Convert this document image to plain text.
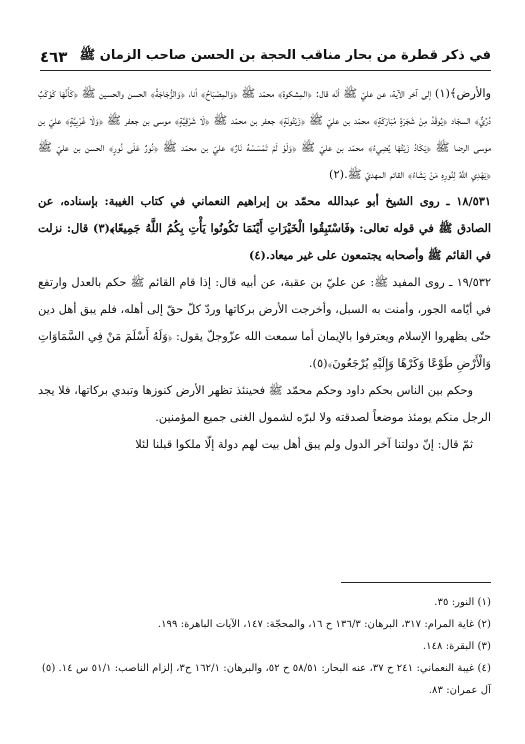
في ذكر قطرة من بحار مناقب الحجة بن الحسن صاحب الزمان ﷺ
٤٦٣

والأرض﴾(١) إلى آخر الآية، عن عليّ ﷺ أنّه قال: ﴿المِشكوة﴾ محمّد ﷺ ﴿وَالمِصْبَاحُ﴾ أنا، ﴿وَالزُّجَاجَةُ﴾ الحسن والحسين ﷺ ﴿كَأَنَّهَا كَوْكَبٌ دُرِّيٌّ﴾ السجّاد ﴿يُوقَدُ مِنْ شَجَرَةٍ مُبَارَكَةٍ﴾ محمّد بن عليّ ﷺ ﴿زَيْتُونَةٍ﴾ جعفر بن محمّد ﷺ ﴿لَا شَرْقِيَّةٍ﴾ موسى بن جعفر ﷺ ﴿وَلَا غَرْبِيَّةٍ﴾ عليّ بن موسى الرضا ﷺ ﴿يَكَادُ زَيْتُهَا يُضِيءُ﴾ محمّد بن عليّ ﷺ ﴿وَلَوْ لَمْ تَمْسَسْهُ نَارٌ﴾ عليّ بن محمّد ﷺ ﴿نُورٌ عَلَى نُورٍ﴾ الحسن بن عليّ ﷺ ﴿يَهْدِي اللَّهُ لِنُورِهِ مَنْ يَشَاءُ﴾ القائم المهديّ ﷺ.(٢)

١٨/٥٣١ ـ روى الشيخ أبو عبدالله محمّد بن إبراهيم النعماني في كتاب الغيبة: بإسناده، عن الصادق ﷺ في قوله تعالى: ﴿فَاسْتَبِقُوا الْخَيْرَاتِ أَيْنَمَا تَكُونُوا يَأْتِ بِكُمُ اللَّهُ جَمِيعًا﴾(٣) قال: نزلت في القائم ﷺ وأصحابه يجتمعون على غير ميعاد.(٤)

١٩/٥٣٢ ـ روى المفيد ﷺ: عن عليّ بن عقبة، عن أبيه قال: إذا قام القائم ﷺ حكم بالعدل وارتفع في أيّامه الجور، وأمنت به السبل، وأخرجت الأرض بركاتها وردّ كلّ حقّ إلى أهله، فلم يبق أهل دين حتّى يظهروا الإسلام ويعترفوا بالإيمان أما سمعت الله عزّوجلّ يقول: ﴿وَلَهُ أَسْلَمَ مَنْ فِي السَّمَاوَاتِ وَالْأَرْضِ طَوْعًا وَكَرْهًا وَإِلَيْهِ يُرْجَعُونَ﴾(٥).

وحكم بين الناس بحكم داود وحكم محمّد ﷺ فحينئذ تظهر الأرض كنوزها وتبدي بركاتها، فلا يجد الرجل منكم يومئذ موضعاً لصدقته ولا لبرّه لشمول الغنى جميع المؤمنين.

ثمّ قال: إنّ دولتنا آخر الدول ولم يبق أهل بيت لهم دولة إلّا ملكوا قبلنا لئلا

(١) النور: ٣٥.

(٢) غاية المرام: ٣١٧، البرهان: ١٣٦/٣ ح ١٦، والمحجّة: ١٤٧، الآيات الباهرة: ١٩٩.

(٣) البقرة: ١٤٨.

(٤) غيبة النعماني: ٢٤١ ح ٣٧، عنه البحار: ٥٨/٥١ ح ٥٢، والبرهان: ١٦٢/١ ح٣، إلزام الناصب: ٥١/١ س ١٤. (٥) آل عمران: ٨٣.
